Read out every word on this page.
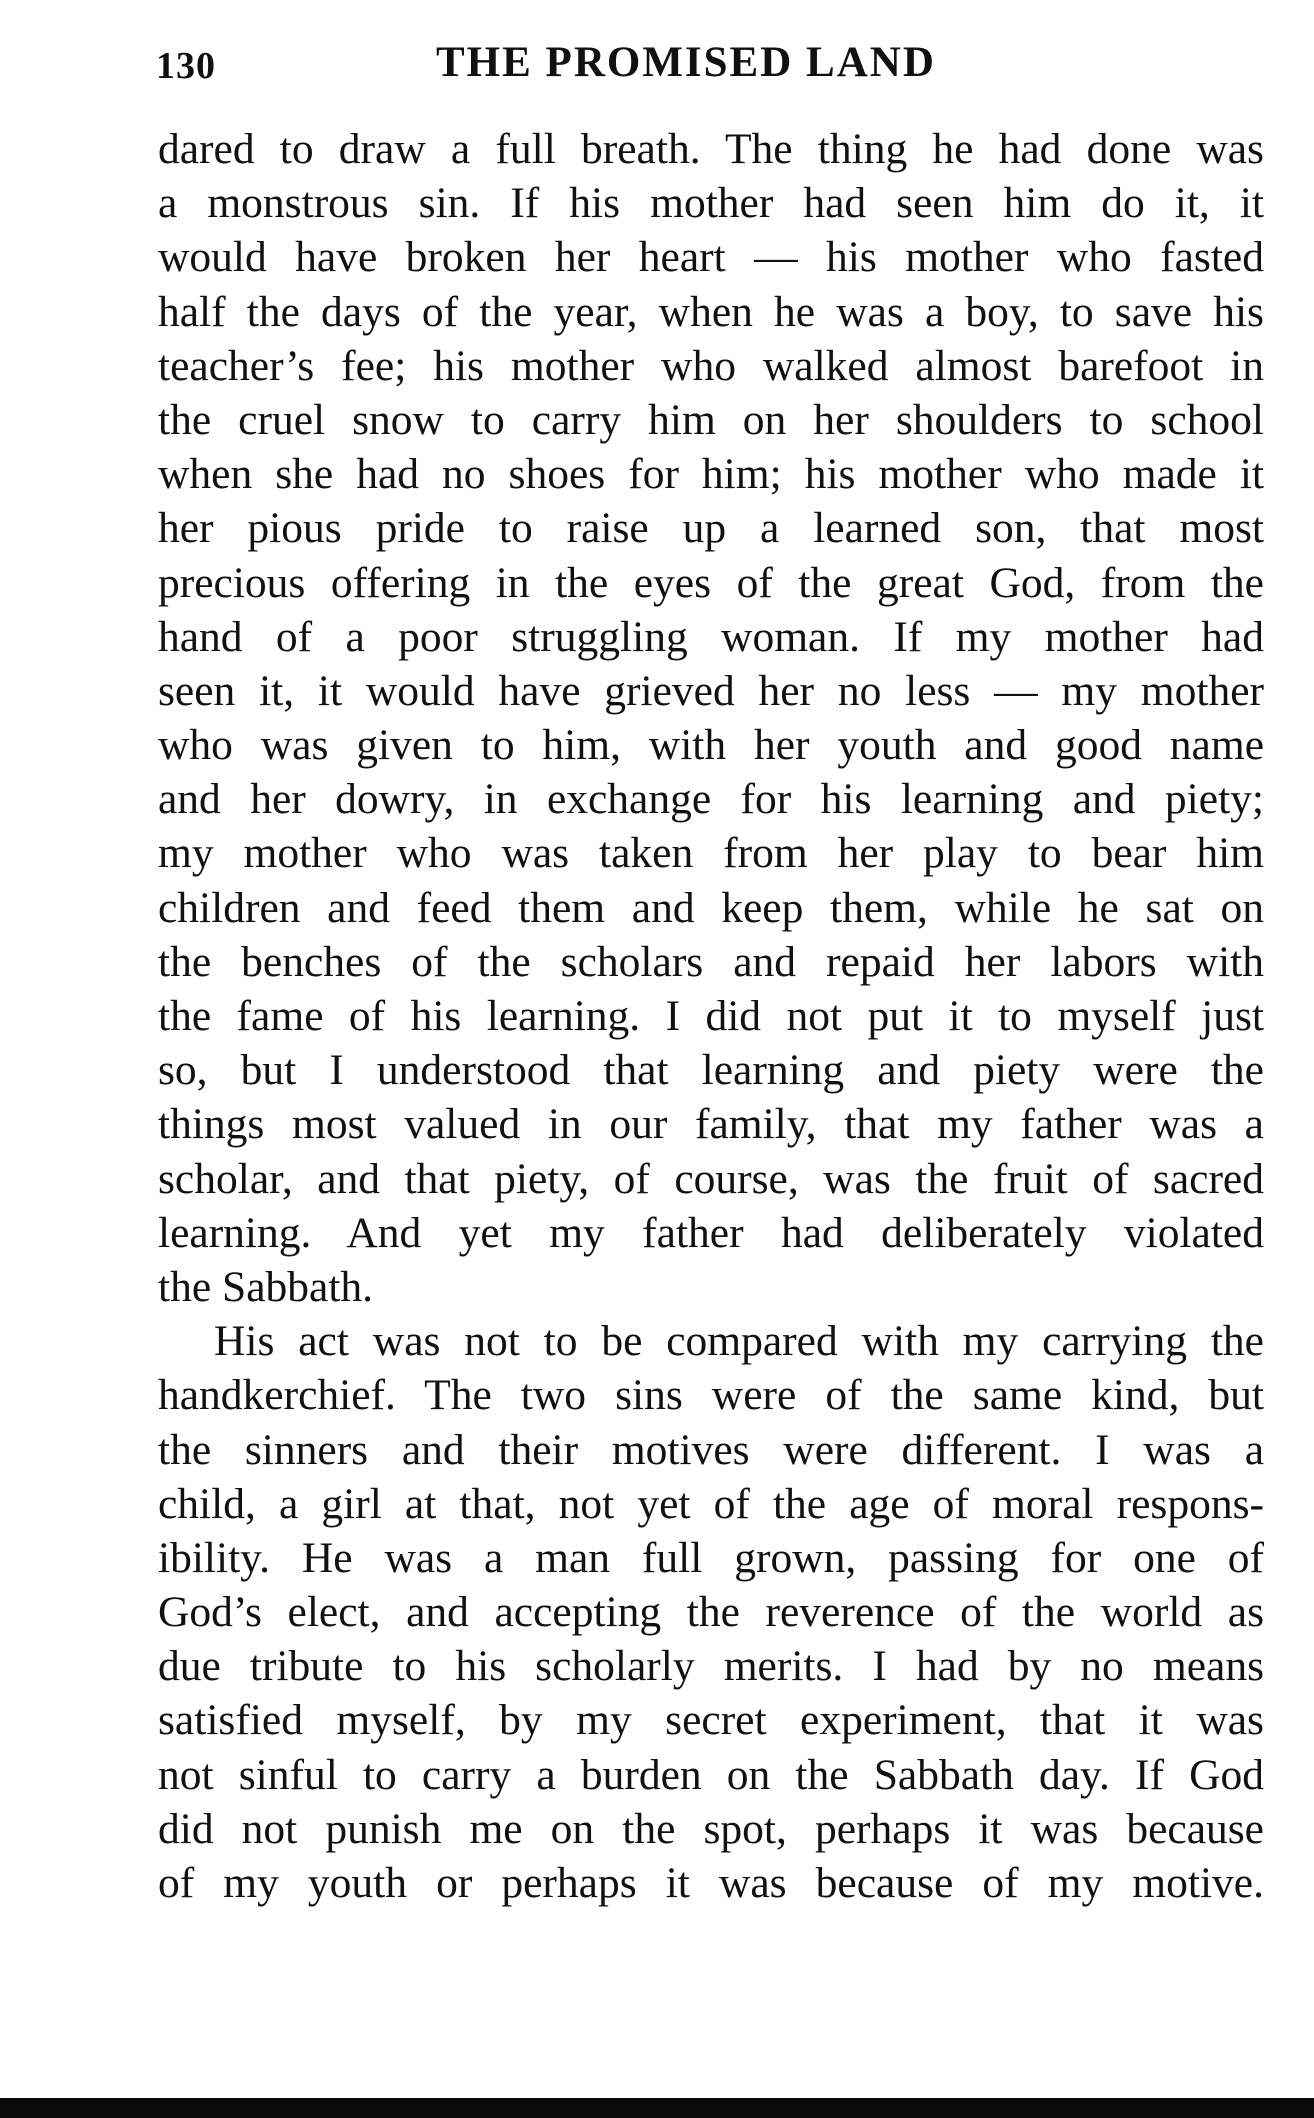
130	THE PROMISED LAND
dared to draw a full breath. The thing he had done was
a monstrous sin. If his mother had seen him do it, it
would have broken her heart — his mother who fasted
half the days of the year, when he was a boy, to save his
teacher’s fee; his mother who walked almost barefoot in
the cruel snow to carry him on her shoulders to school
when she had no shoes for him; his mother who made it
her pious pride to raise up a learned son, that most
precious offering in the eyes of the great God, from the
hand of a poor struggling woman. If my mother had
seen it, it would have grieved her no less — my mother
who was given to him, with her youth and good name
and her dowry, in exchange for his learning and piety;
my mother who was taken from her play to bear him
children and feed them and keep them, while he sat on
the benches of the scholars and repaid her labors with
the fame of his learning. I did not put it to myself just
so, but I understood that learning and piety were the
things most valued in our family, that my father was a
scholar, and that piety, of course, was the fruit of sacred
learning. And yet my father had deliberately violated
the Sabbath.
His act was not to be compared with my carrying the
handkerchief. The two sins were of the same kind, but
the sinners and their motives were different. I was a
child, a girl at that, not yet of the age of moral respons-
ibility. He was a man full grown, passing for one of
God’s elect, and accepting the reverence of the world as
due tribute to his scholarly merits. I had by no means
satisfied myself, by my secret experiment, that it was
not sinful to carry a burden on the Sabbath day. If God
did not punish me on the spot, perhaps it was because
of my youth or perhaps it was because of my motive.
